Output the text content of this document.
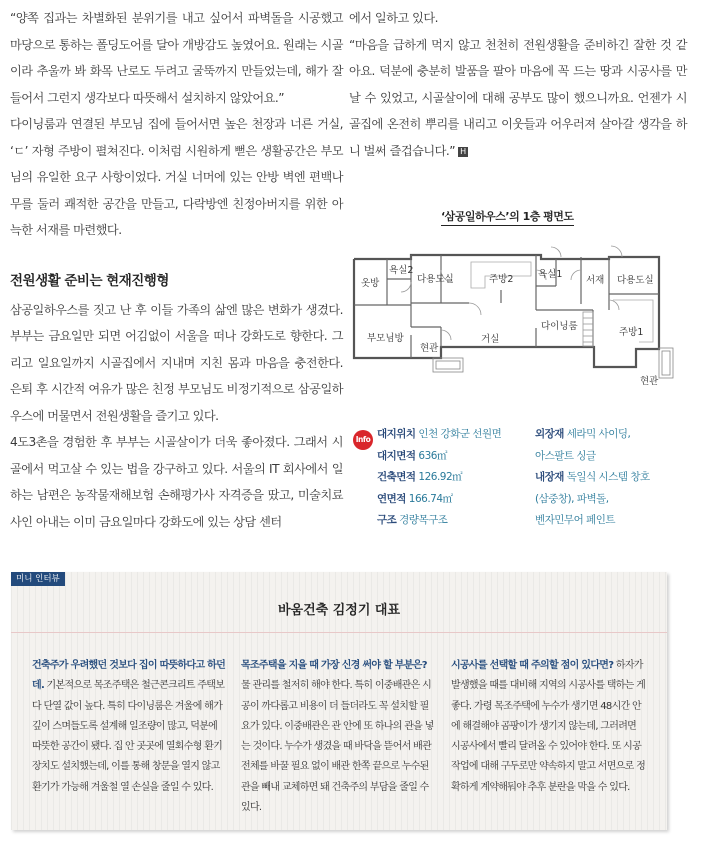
“양쪽 집과는 차별화된 분위기를 내고 싶어서 파벽돌을 시공했고 마당으로 통하는 폴딩도어를 달아 개방감도 높였어요. 원래는 시골이라 추울까 봐 화목 난로도 두려고 굴뚝까지 만들었는데, 해가 잘 들어서 그런지 생각보다 따뜻해서 설치하지 않았어요.”

다이닝룸과 연결된 부모님 집에 들어서면 높은 천장과 너른 거실, ‘ㄷ’ 자형 주방이 펼쳐진다. 이처럼 시원하게 뻗은 생활공간은 부모님의 유일한 요구 사항이었다. 거실 너머에 있는 안방 벽엔 편백나무를 둘러 쾌적한 공간을 만들고, 다락방엔 친정아버지를 위한 아늑한 서재를 마련했다.

전원생활 준비는 현재진행형

삼공일하우스를 짓고 난 후 이들 가족의 삶엔 많은 변화가 생겼다. 부부는 금요일만 되면 어김없이 서울을 떠나 강화도로 향한다. 그리고 일요일까지 시골집에서 지내며 지친 몸과 마음을 충전한다. 은퇴 후 시간적 여유가 많은 친정 부모님도 비정기적으로 삼공일하우스에 머물면서 전원생활을 즐기고 있다.

4도3촌을 경험한 후 부부는 시골살이가 더욱 좋아졌다. 그래서 시골에서 먹고살 수 있는 법을 강구하고 있다. 서울의 IT 회사에서 일하는 남편은 농작물재해보험 손해평가사 자격증을 땄고, 미술치료사인 아내는 이미 금요일마다 강화도에 있는 상담 센터

에서 일하고 있다.

“마음을 급하게 먹지 않고 천천히 전원생활을 준비하긴 잘한 것 같아요. 덕분에 충분히 발품을 팔아 마음에 꼭 드는 땅과 시공사를 만날 수 있었고, 시골살이에 대해 공부도 많이 했으니까요. 언젠가 시골집에 온전히 뿌리를 내리고 이웃들과 어우러져 살아갈 생각을 하니 벌써 즐겁습니다.” H

‘삼공일하우스’의 1층 평면도
옷방
욕실2
다용도실	주방2	욕실1
서재 다용도실
부모님방	거실
현관
다이닝룸
주방1
현관
Info 대지위치 인천 강화군 선원면
대지면적 636㎡
건축면적 126.92㎡
연면적 166.74㎡
구조 경량목구조
외장재 세라믹 사이딩,
아스팔트 싱글
내장재 독일식 시스템 창호
(삼중창), 파벽돌,
벤자민무어 페인트
미니 인터뷰
바움건축 김정기 대표

건축주가 우려했던 것보다 집이 따뜻하다고 하던데. 기본적으로 목조주택은 철근콘크리트 주택보다 단열 값이 높다. 특히 다이닝룸은 겨울에 해가 깊이 스며들도록 설계해 일조량이 많고, 덕분에 따뜻한 공간이 됐다. 집 안 곳곳에 열회수형 환기장치도 설치했는데, 이를 통해 창문을 열지 않고 환기가 가능해 겨울철 열 손실을 줄일 수 있다.

목조주택을 지을 때 가장 신경 써야 할 부분은? 물 관리를 철저히 해야 한다. 특히 이중배관은 시공이 까다롭고 비용이 더 들더라도 꼭 설치할 필요가 있다. 이중배관은 관 안에 또 하나의 관을 넣는 것이다. 누수가 생겼을 때 바닥을 뜯어서 배관 전체를 바꿀 필요 없이 배관 한쪽 끝으로 누수된 관을 빼내 교체하면 돼 건축주의 부담을 줄일 수 있다.

시공사를 선택할 때 주의할 점이 있다면? 하자가 발생했을 때를 대비해 지역의 시공사를 택하는 게 좋다. 가령 목조주택에 누수가 생기면 48시간 안에 해결해야 곰팡이가 생기지 않는데, 그러려면 시공사에서 빨리 달려올 수 있어야 한다. 또 시공 작업에 대해 구두로만 약속하지 말고 서면으로 정확하게 계약해둬야 추후 분란을 막을 수 있다.
